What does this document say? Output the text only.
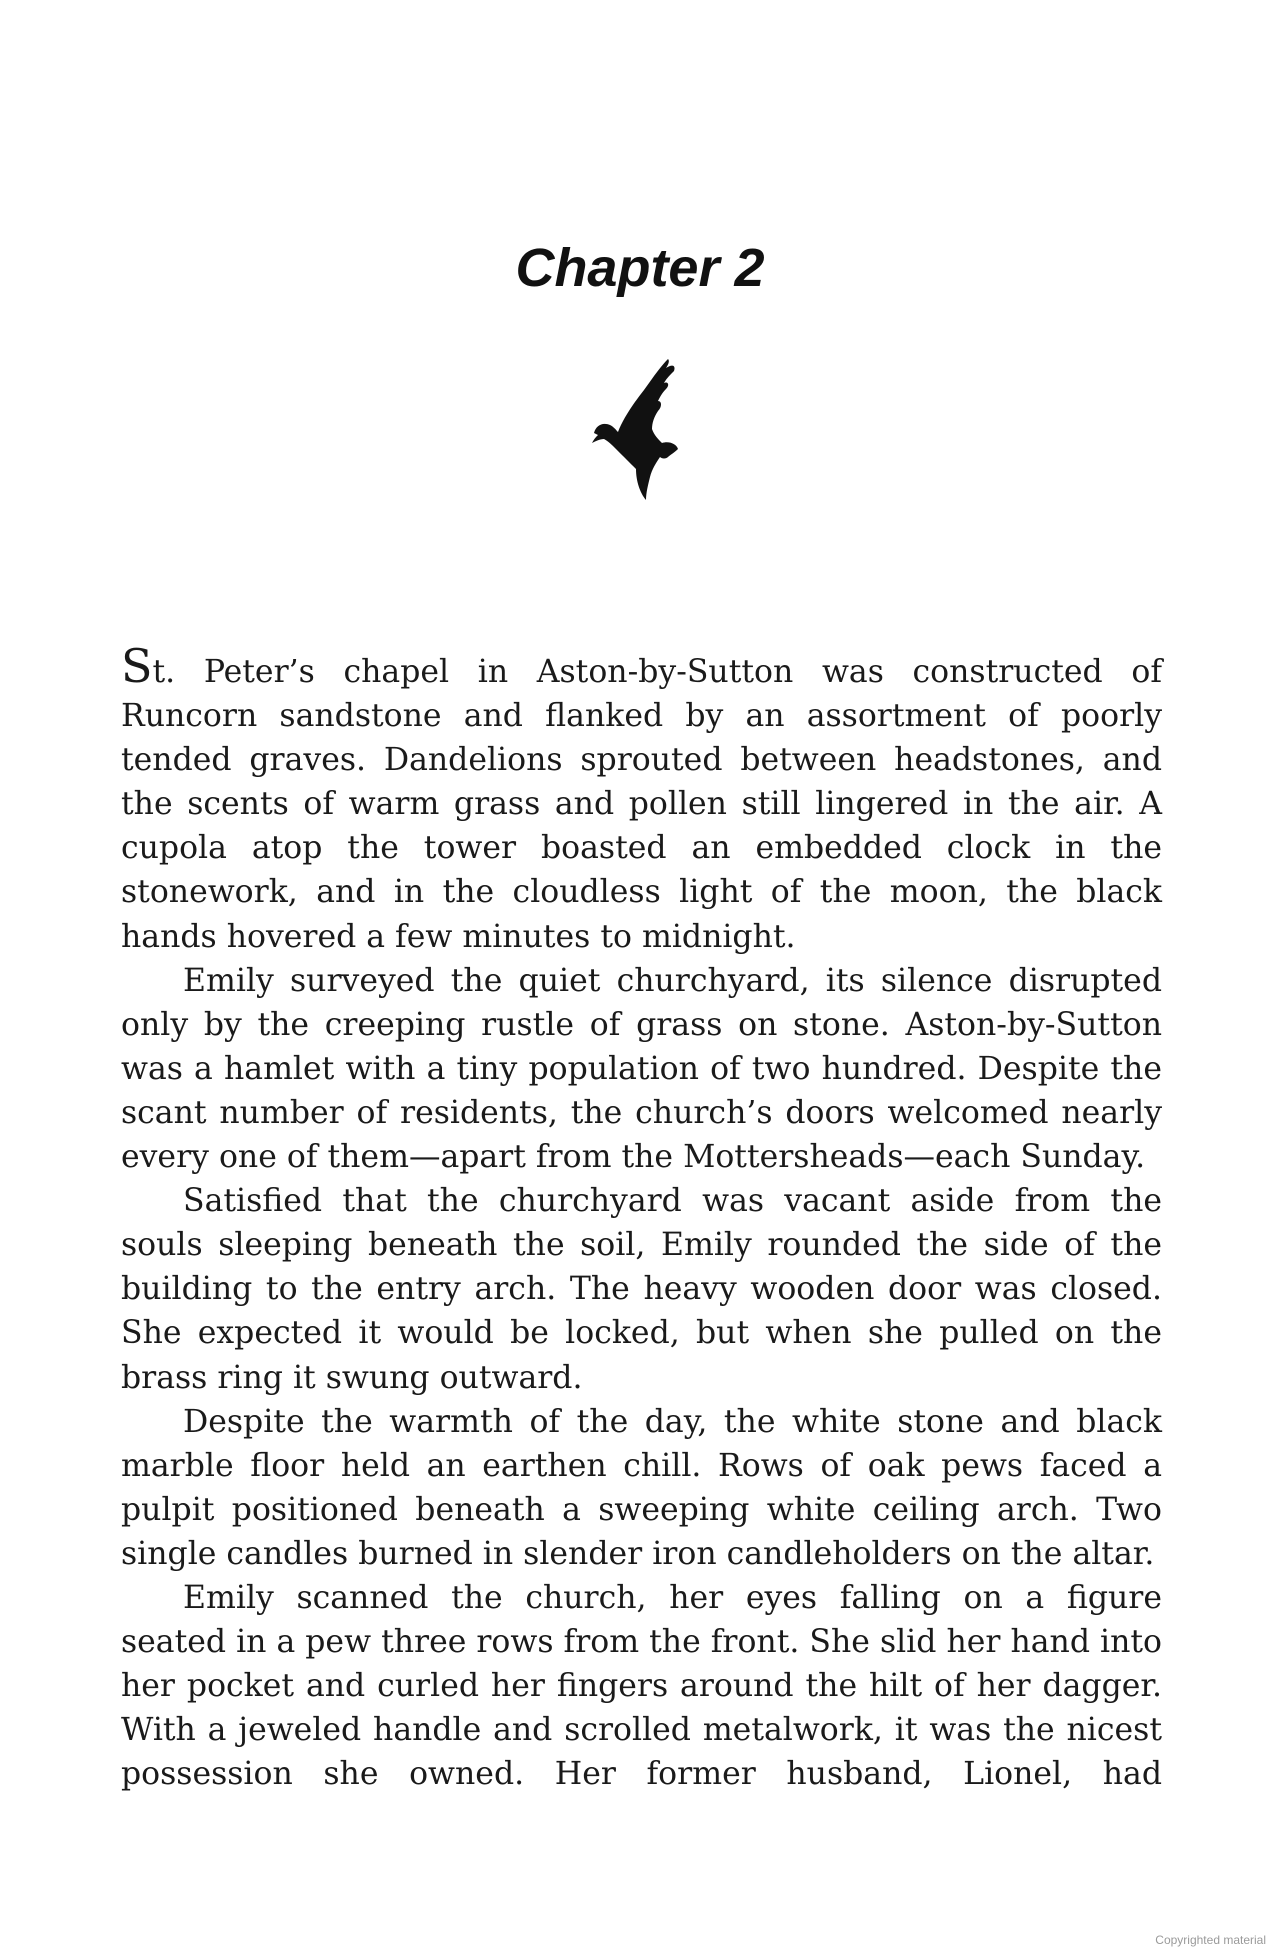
Chapter 2

St. Peter’s chapel in Aston-by-Sutton was constructed of Runcorn sandstone and flanked by an assortment of poorly tended graves. Dandelions sprouted between headstones, and the scents of warm grass and pollen still lingered in the air. A cupola atop the tower boasted an embedded clock in the stonework, and in the cloudless light of the moon, the black hands hovered a few minutes to midnight.

Emily surveyed the quiet churchyard, its silence disrupted only by the creeping rustle of grass on stone. Aston-by-Sutton was a hamlet with a tiny population of two hundred. Despite the scant number of residents, the church’s doors welcomed nearly every one of them—apart from the Mottersheads—each Sunday.

Satisfied that the churchyard was vacant aside from the souls sleeping beneath the soil, Emily rounded the side of the building to the entry arch. The heavy wooden door was closed. She expected it would be locked, but when she pulled on the brass ring it swung outward.

Despite the warmth of the day, the white stone and black marble floor held an earthen chill. Rows of oak pews faced a pulpit positioned beneath a sweeping white ceiling arch. Two single candles burned in slender iron candleholders on the altar.

Emily scanned the church, her eyes falling on a figure seated in a pew three rows from the front. She slid her hand into her pocket and curled her fingers around the hilt of her dagger. With a jeweled handle and scrolled metalwork, it was the nicest possession she owned. Her former husband, Lionel, had

Copyrighted material
